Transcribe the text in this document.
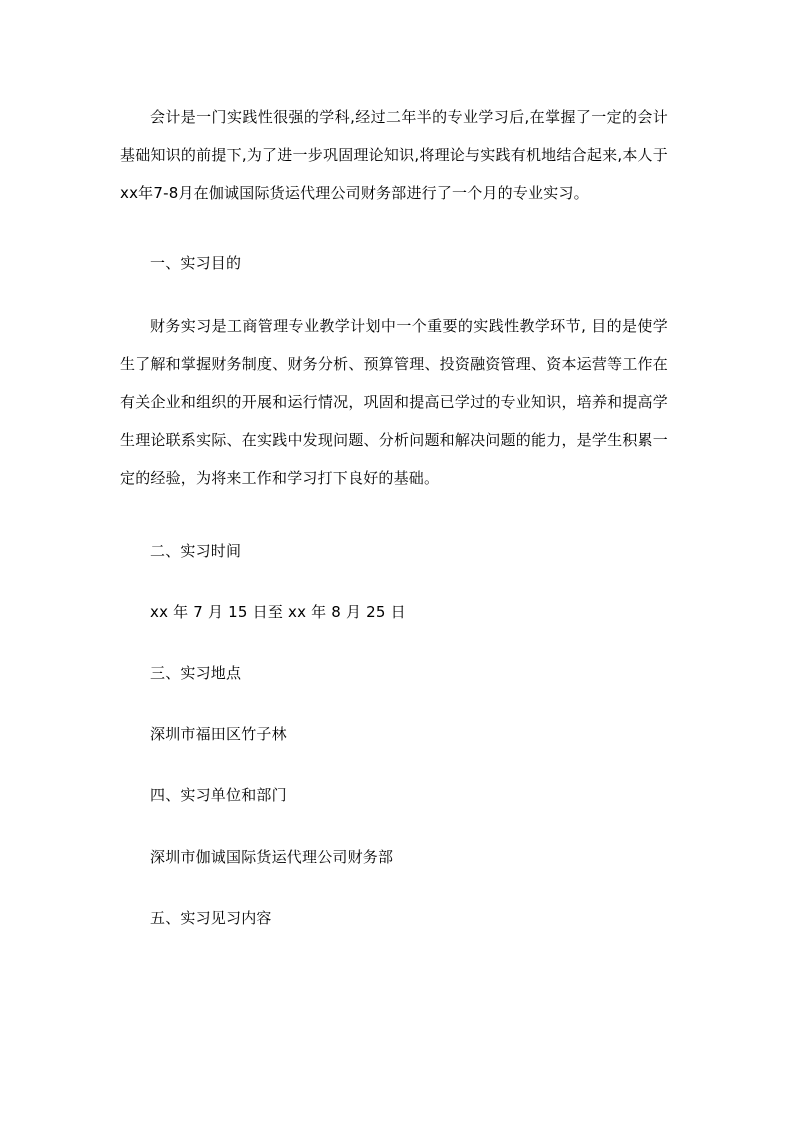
会计是一门实践性很强的学科,经过二年半的专业学习后,在掌握了一定的会计基础知识的前提下,为了进一步巩固理论知识,将理论与实践有机地结合起来,本人于xx年7-8月在伽诚国际货运代理公司财务部进行了一个月的专业实习。

一、实习目的

财务实习是工商管理专业教学计划中一个重要的实践性教学环节, 目的是使学生了解和掌握财务制度、财务分析、预算管理、投资融资管理、资本运营等工作在有关企业和组织的开展和运行情况，巩固和提高已学过的专业知识，培养和提高学生理论联系实际、在实践中发现问题、分析问题和解决问题的能力，是学生积累一定的经验，为将来工作和学习打下良好的基础。

二、实习时间

xx 年 7 月 15 日至 xx 年 8 月 25 日

三、实习地点

深圳市福田区竹子林

四、实习单位和部门

深圳市伽诚国际货运代理公司财务部

五、实习见习内容
